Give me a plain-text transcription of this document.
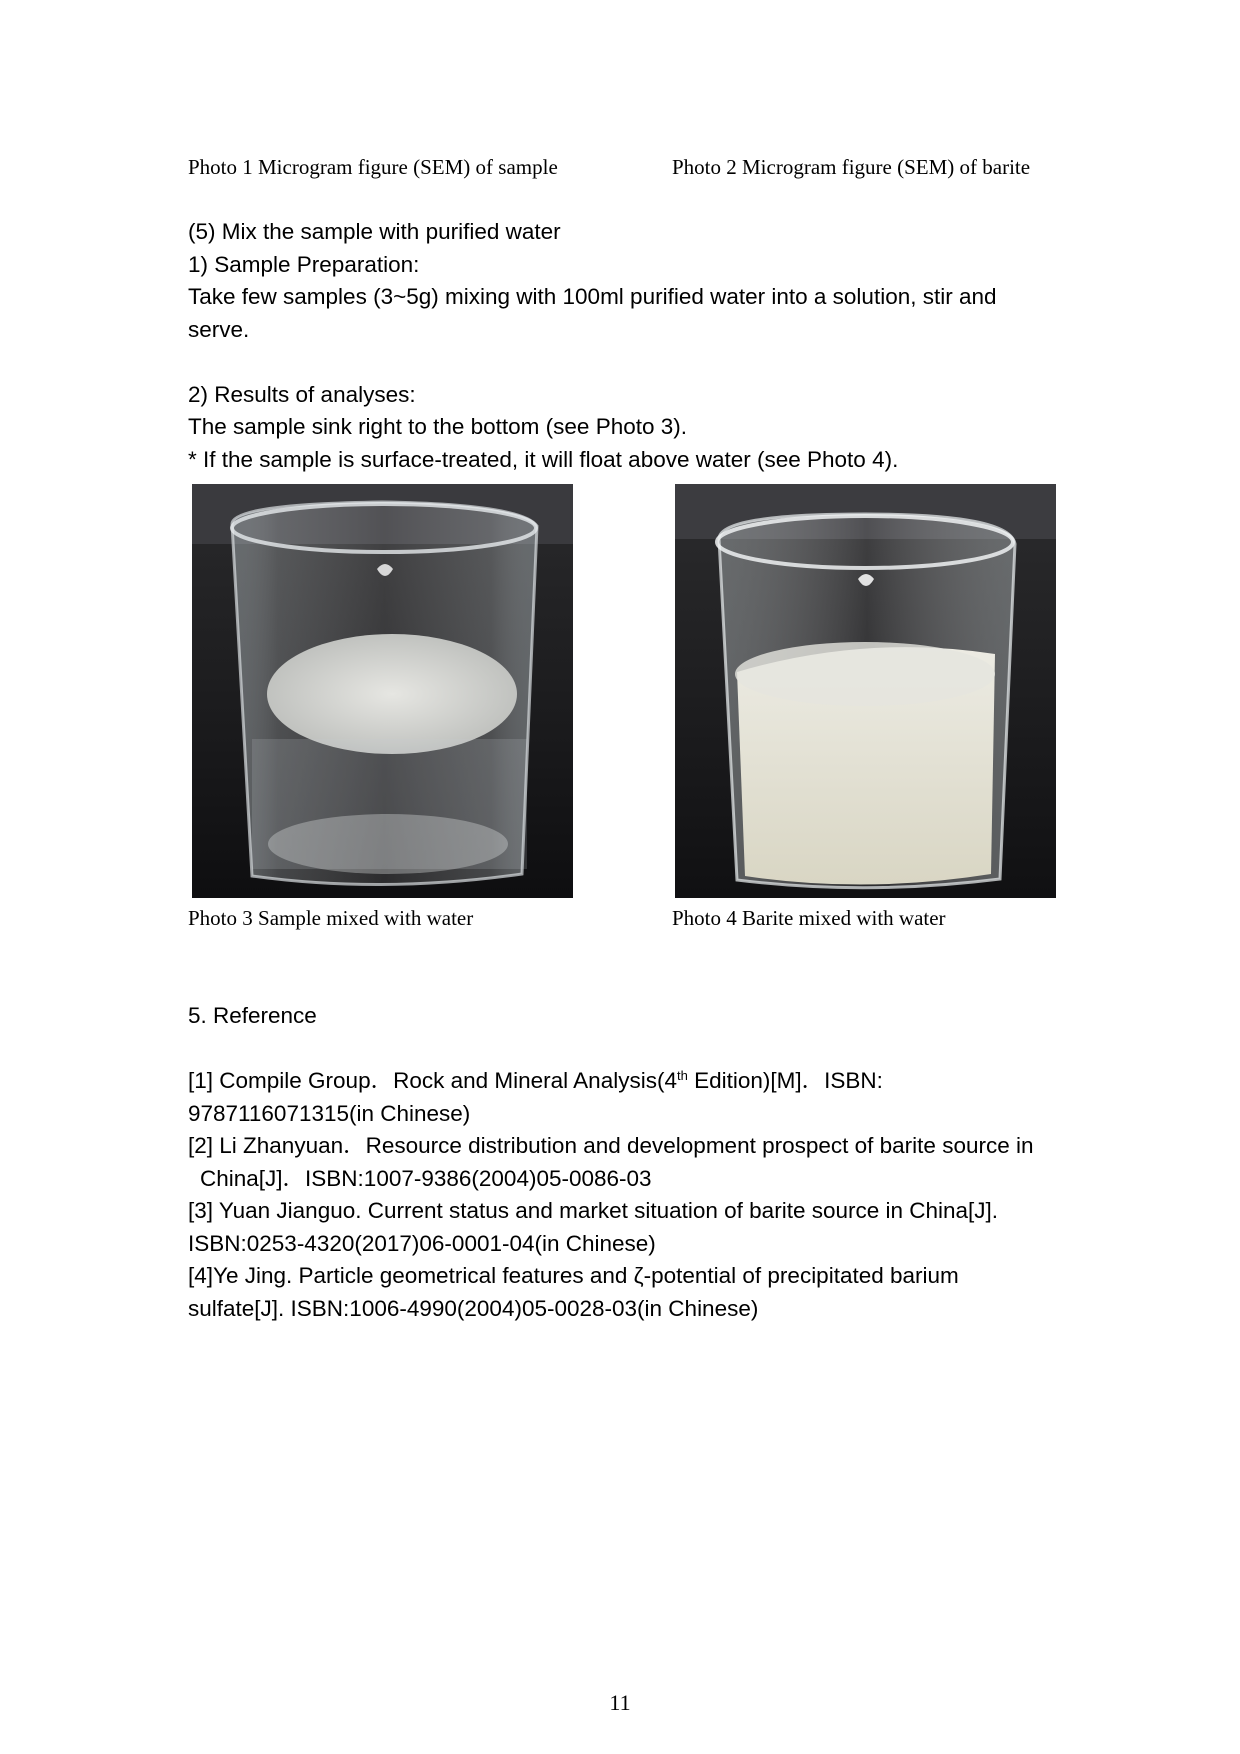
Photo 1 Microgram figure (SEM) of sample	Photo 2 Microgram figure (SEM) of barite
(5) Mix the sample with purified water
1) Sample Preparation:
Take few samples (3~5g) mixing with 100ml purified water into a solution, stir and
serve.
2) Results of analyses:
The sample sink right to the bottom (see Photo 3).
* If the sample is surface-treated, it will float above water (see Photo 4).
Photo 3 Sample mixed with water	Photo 4 Barite mixed with water
5. Reference
[1] Compile Group．Rock and Mineral Analysis(4th Edition)[M]．ISBN:
9787116071315(in Chinese)
[2] Li Zhanyuan．Resource distribution and development prospect of barite source in
China[J]．ISBN:1007-9386(2004)05-0086-03
[3] Yuan Jianguo. Current status and market situation of barite source in China[J].
ISBN:0253-4320(2017)06-0001-04(in Chinese)
[4]Ye Jing. Particle geometrical features and ζ-potential of precipitated barium
sulfate[J]. ISBN:1006-4990(2004)05-0028-03(in Chinese)
11
